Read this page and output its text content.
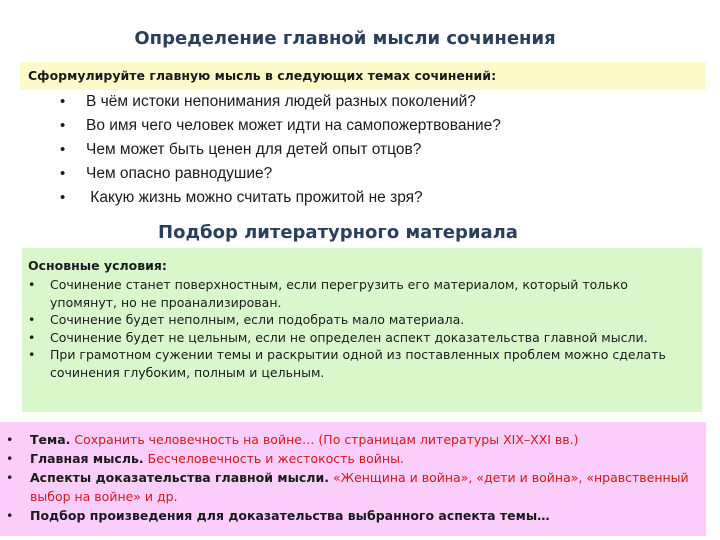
Определение главной мысли сочинения
Сформулируйте главную мысль в следующих темах сочинений:
• В чём истоки непонимания людей разных поколений?
• Во имя чего человек может идти на самопожертвование?
• Чем может быть ценен для детей опыт отцов?
• Чем опасно равнодушие?
• Какую жизнь можно считать прожитой не зря?
Подбор литературного материала
Основные условия:
• Сочинение станет поверхностным, если перегрузить его материалом, который только упомянут, но не проанализирован.
• Сочинение будет неполным, если подобрать мало материала.
• Сочинение будет не цельным, если не определен аспект доказательства главной мысли.
• При грамотном сужении темы и раскрытии одной из поставленных проблем можно сделать сочинения глубоким, полным и цельным.
• Тема. Сохранить человечность на войне… (По страницам литературы XIX–XXI вв.)
• Главная мысль. Бесчеловечность и жестокость войны.
• Аспекты доказательства главной мысли. «Женщина и война», «дети и война», «нравственный выбор на войне» и др.
• Подбор произведения для доказательства выбранного аспекта темы…
